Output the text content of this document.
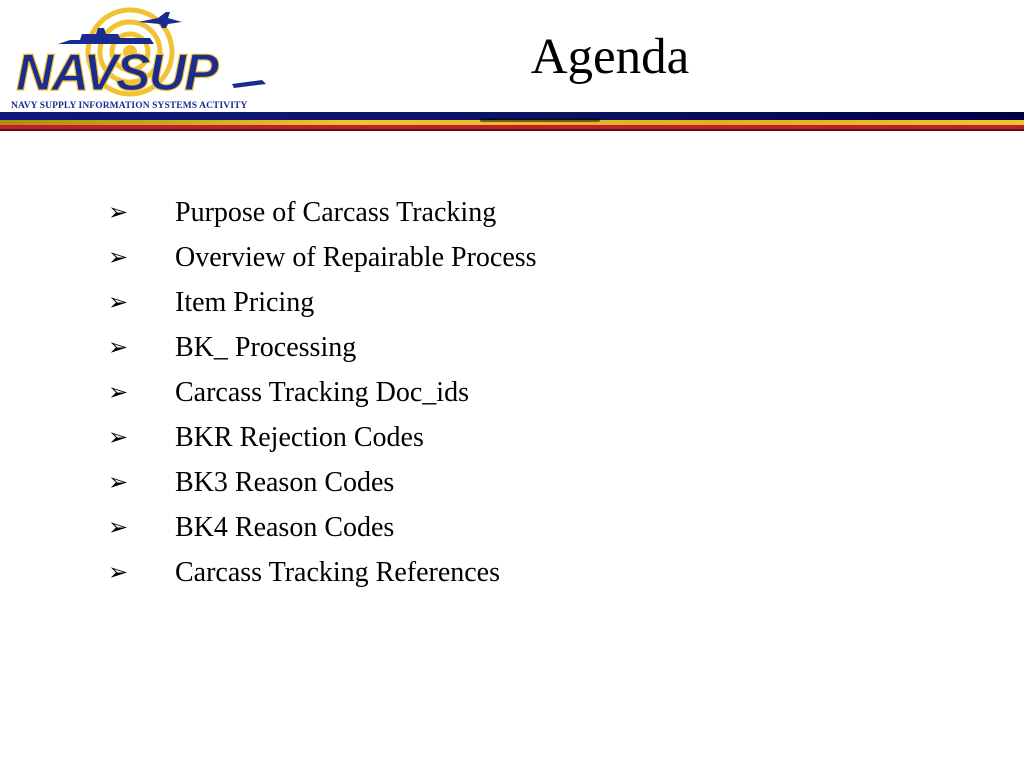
NAVSUP
NAVY SUPPLY INFORMATION SYSTEMS ACTIVITY
Agenda
➢ Purpose of Carcass Tracking
➢ Overview of Repairable Process
➢ Item Pricing
➢ BK_ Processing
➢ Carcass Tracking Doc_ids
➢ BKR Rejection Codes
➢ BK3 Reason Codes
➢ BK4 Reason Codes
➢ Carcass Tracking References
